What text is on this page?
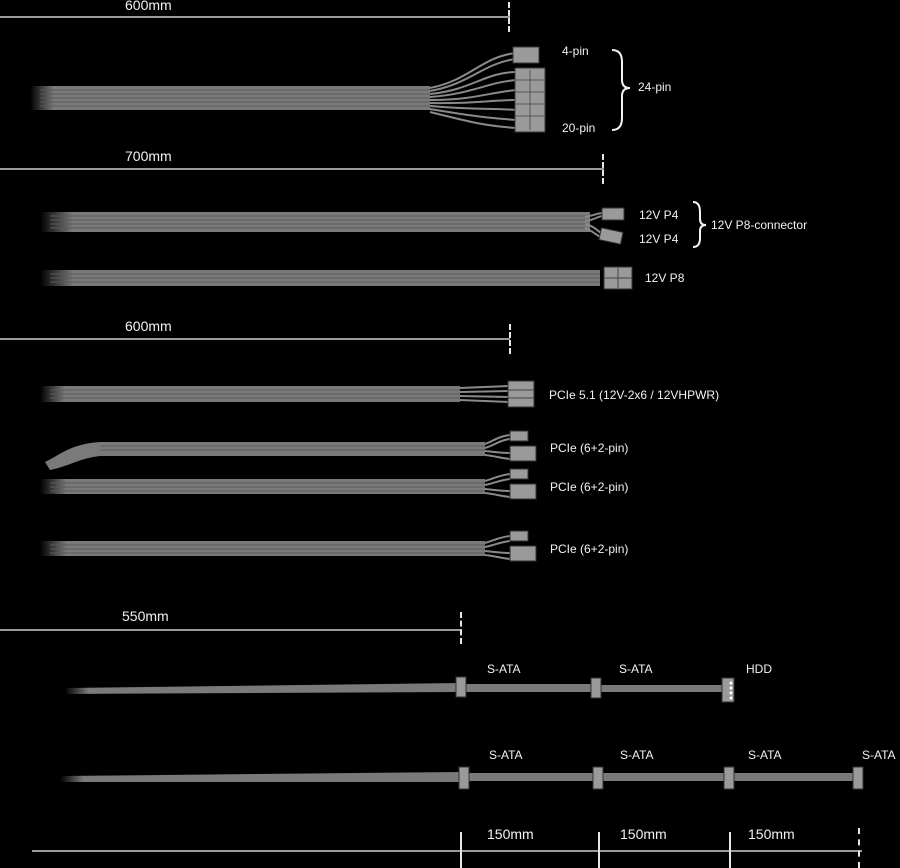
600mm
700mm
600mm
550mm
4-pin
20-pin
24-pin
12V P4
12V P4
12V P8-connector
12V P8
PCIe 5.1 (12V-2x6 / 12VHPWR)
PCIe (6+2-pin)
PCIe (6+2-pin)
PCIe (6+2-pin)
S-ATA	S-ATA	HDD
S-ATA	S-ATA	S-ATA	S-ATA
150mm	150mm	150mm
